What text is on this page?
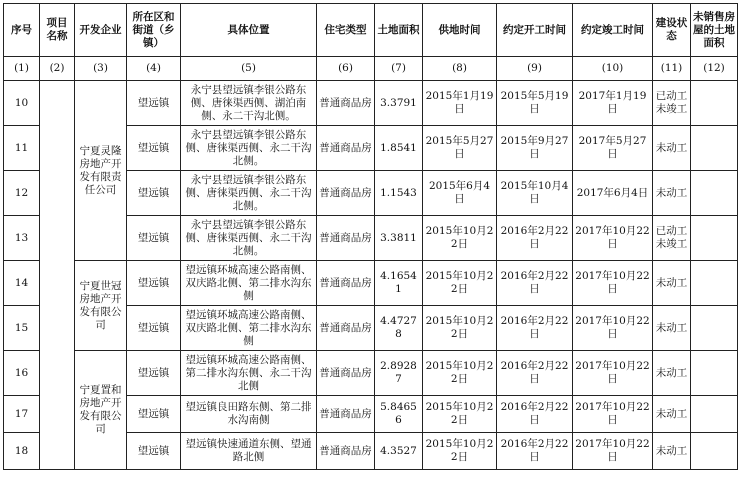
序号	项目名称	开发企业	所在区和街道（乡镇）	具体位置	住宅类型	土地面积	供地时间	约定开工时间	约定竣工时间	建设状态	未销售房屋的土地面积
(1)	(2)	(3)	(4)	(5)	(6)	(7)	(8)	(9)	(10)	(11)	(12)
10		宁夏灵隆房地产开发有限责任公司	望远镇	永宁县望远镇李银公路东侧、唐徕渠西侧、湖泊南侧、永二干沟北侧。	普通商品房	3.3791	2015年1月19日	2015年5月19日	2017年1月19日	已动工未竣工	
11			望远镇	永宁县望远镇李银公路东侧、唐徕渠西侧、永二干沟北侧。	普通商品房	1.8541	2015年5月27日	2015年9月27日	2017年5月27日	未动工	
12			望远镇	永宁县望远镇李银公路东侧、唐徕渠西侧、永二干沟北侧。	普通商品房	1.1543	2015年6月4日	2015年10月4日	2017年6月4日	未动工	
13			望远镇	永宁县望远镇李银公路东侧、唐徕渠西侧、永二干沟北侧。	普通商品房	3.3811	2015年10月22日	2016年2月22日	2017年10月22日	已动工未竣工	
14		宁夏世冠房地产开发有限公司	望远镇	望远镇环城高速公路南侧、双庆路北侧、第二排水沟东侧	普通商品房	4.16541	2015年10月22日	2016年2月22日	2017年10月22日	未动工	
15			望远镇	望远镇环城高速公路南侧、双庆路北侧、第二排水沟东侧	普通商品房	4.47278	2015年10月22日	2016年2月22日	2017年10月22日	未动工	
16		宁夏置和房地产开发有限公司	望远镇	望远镇环城高速公路南侧、第二排水沟东侧、永二干沟北侧	普通商品房	2.89287	2015年10月22日	2016年2月22日	2017年10月22日	未动工	
17			望远镇	望远镇良田路东侧、第二排水沟南侧	普通商品房	5.84656	2015年10月22日	2016年2月22日	2017年10月22日	未动工	
18			望远镇	望远镇快速通道东侧、望通路北侧	普通商品房	4.3527	2015年10月22日	2016年2月22日	2017年10月22日	未动工	
